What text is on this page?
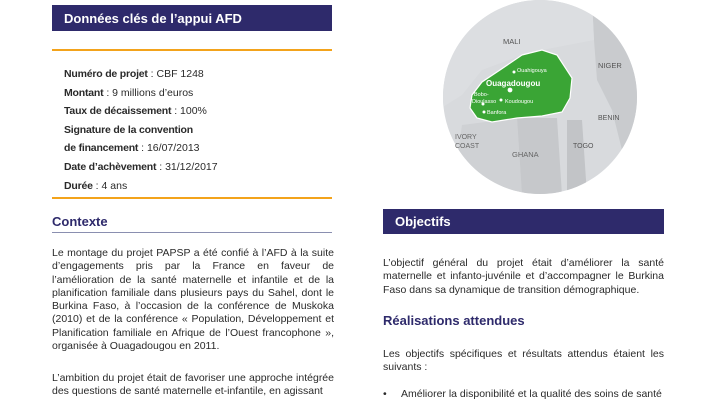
Données clés de l’appui AFD
Numéro de projet : CBF 1248
Montant : 9 millions d’euros
Taux de décaissement : 100%
Signature de la convention
de financement : 16/07/2013
Date d’achèvement : 31/12/2017
Durée : 4 ans
MALI
NIGER
BENIN
TOGO
GHANA
IVORY
COAST
Ouahigouya
Ouagadougou
Koudougou
Bobo-
Dioulasso
Banfora
Contexte
Le montage du projet PAPSP a été confié à l’AFD à la suite d’engagements pris par la France en faveur de l’amélioration de la santé maternelle et infantile et de la planification familiale dans plusieurs pays du Sahel, dont le Burkina Faso, à l’occasion de la conférence de Muskoka (2010) et de la conférence « Population, Développement et Planification familiale en Afrique de l’Ouest francophone », organisée à Ouagadougou en 2011.
L’ambition du projet était de favoriser une approche intégrée des questions de santé maternelle et-infantile, en agissant
Objectifs
L’objectif général du projet était d’améliorer la santé maternelle et infanto-juvénile et d’accompagner le Burkina Faso dans sa dynamique de transition démographique.
Réalisations attendues
Les objectifs spécifiques et résultats attendus étaient les suivants :
• Améliorer la disponibilité et la qualité des soins de santé
